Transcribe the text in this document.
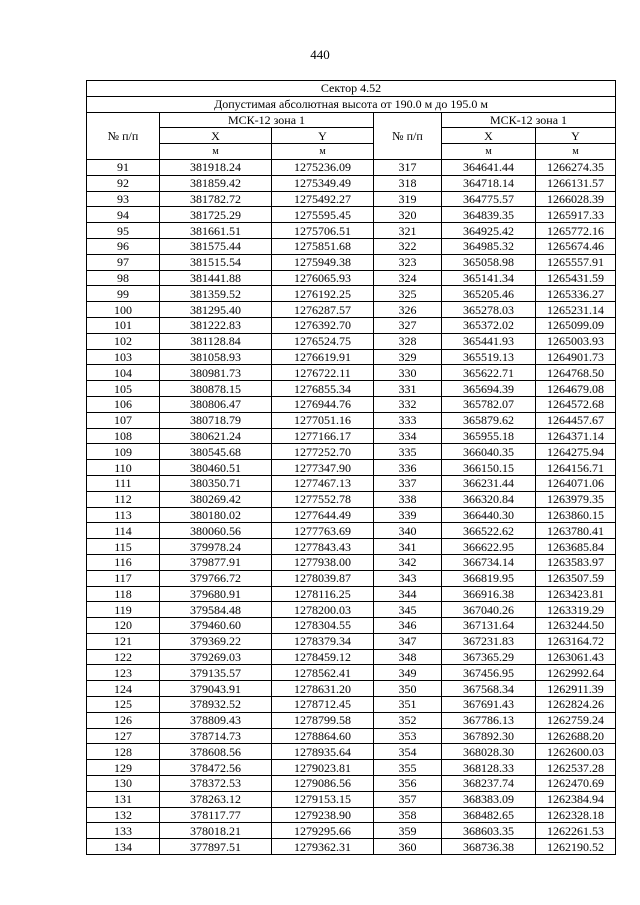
440
Сектор 4.52					
Допустимая абсолютная высота от 190.0 м до 195.0 м					
№ п/п	МСК-12 зона 1		№ п/п	МСК-12 зона 1	
	X	Y		X	Y
	м	м		м	м
91	381918.24	1275236.09	317	364641.44	1266274.35
92	381859.42	1275349.49	318	364718.14	1266131.57
93	381782.72	1275492.27	319	364775.57	1266028.39
94	381725.29	1275595.45	320	364839.35	1265917.33
95	381661.51	1275706.51	321	364925.42	1265772.16
96	381575.44	1275851.68	322	364985.32	1265674.46
97	381515.54	1275949.38	323	365058.98	1265557.91
98	381441.88	1276065.93	324	365141.34	1265431.59
99	381359.52	1276192.25	325	365205.46	1265336.27
100	381295.40	1276287.57	326	365278.03	1265231.14
101	381222.83	1276392.70	327	365372.02	1265099.09
102	381128.84	1276524.75	328	365441.93	1265003.93
103	381058.93	1276619.91	329	365519.13	1264901.73
104	380981.73	1276722.11	330	365622.71	1264768.50
105	380878.15	1276855.34	331	365694.39	1264679.08
106	380806.47	1276944.76	332	365782.07	1264572.68
107	380718.79	1277051.16	333	365879.62	1264457.67
108	380621.24	1277166.17	334	365955.18	1264371.14
109	380545.68	1277252.70	335	366040.35	1264275.94
110	380460.51	1277347.90	336	366150.15	1264156.71
111	380350.71	1277467.13	337	366231.44	1264071.06
112	380269.42	1277552.78	338	366320.84	1263979.35
113	380180.02	1277644.49	339	366440.30	1263860.15
114	380060.56	1277763.69	340	366522.62	1263780.41
115	379978.24	1277843.43	341	366622.95	1263685.84
116	379877.91	1277938.00	342	366734.14	1263583.97
117	379766.72	1278039.87	343	366819.95	1263507.59
118	379680.91	1278116.25	344	366916.38	1263423.81
119	379584.48	1278200.03	345	367040.26	1263319.29
120	379460.60	1278304.55	346	367131.64	1263244.50
121	379369.22	1278379.34	347	367231.83	1263164.72
122	379269.03	1278459.12	348	367365.29	1263061.43
123	379135.57	1278562.41	349	367456.95	1262992.64
124	379043.91	1278631.20	350	367568.34	1262911.39
125	378932.52	1278712.45	351	367691.43	1262824.26
126	378809.43	1278799.58	352	367786.13	1262759.24
127	378714.73	1278864.60	353	367892.30	1262688.20
128	378608.56	1278935.64	354	368028.30	1262600.03
129	378472.56	1279023.81	355	368128.33	1262537.28
130	378372.53	1279086.56	356	368237.74	1262470.69
131	378263.12	1279153.15	357	368383.09	1262384.94
132	378117.77	1279238.90	358	368482.65	1262328.18
133	378018.21	1279295.66	359	368603.35	1262261.53
134	377897.51	1279362.31	360	368736.38	1262190.52
